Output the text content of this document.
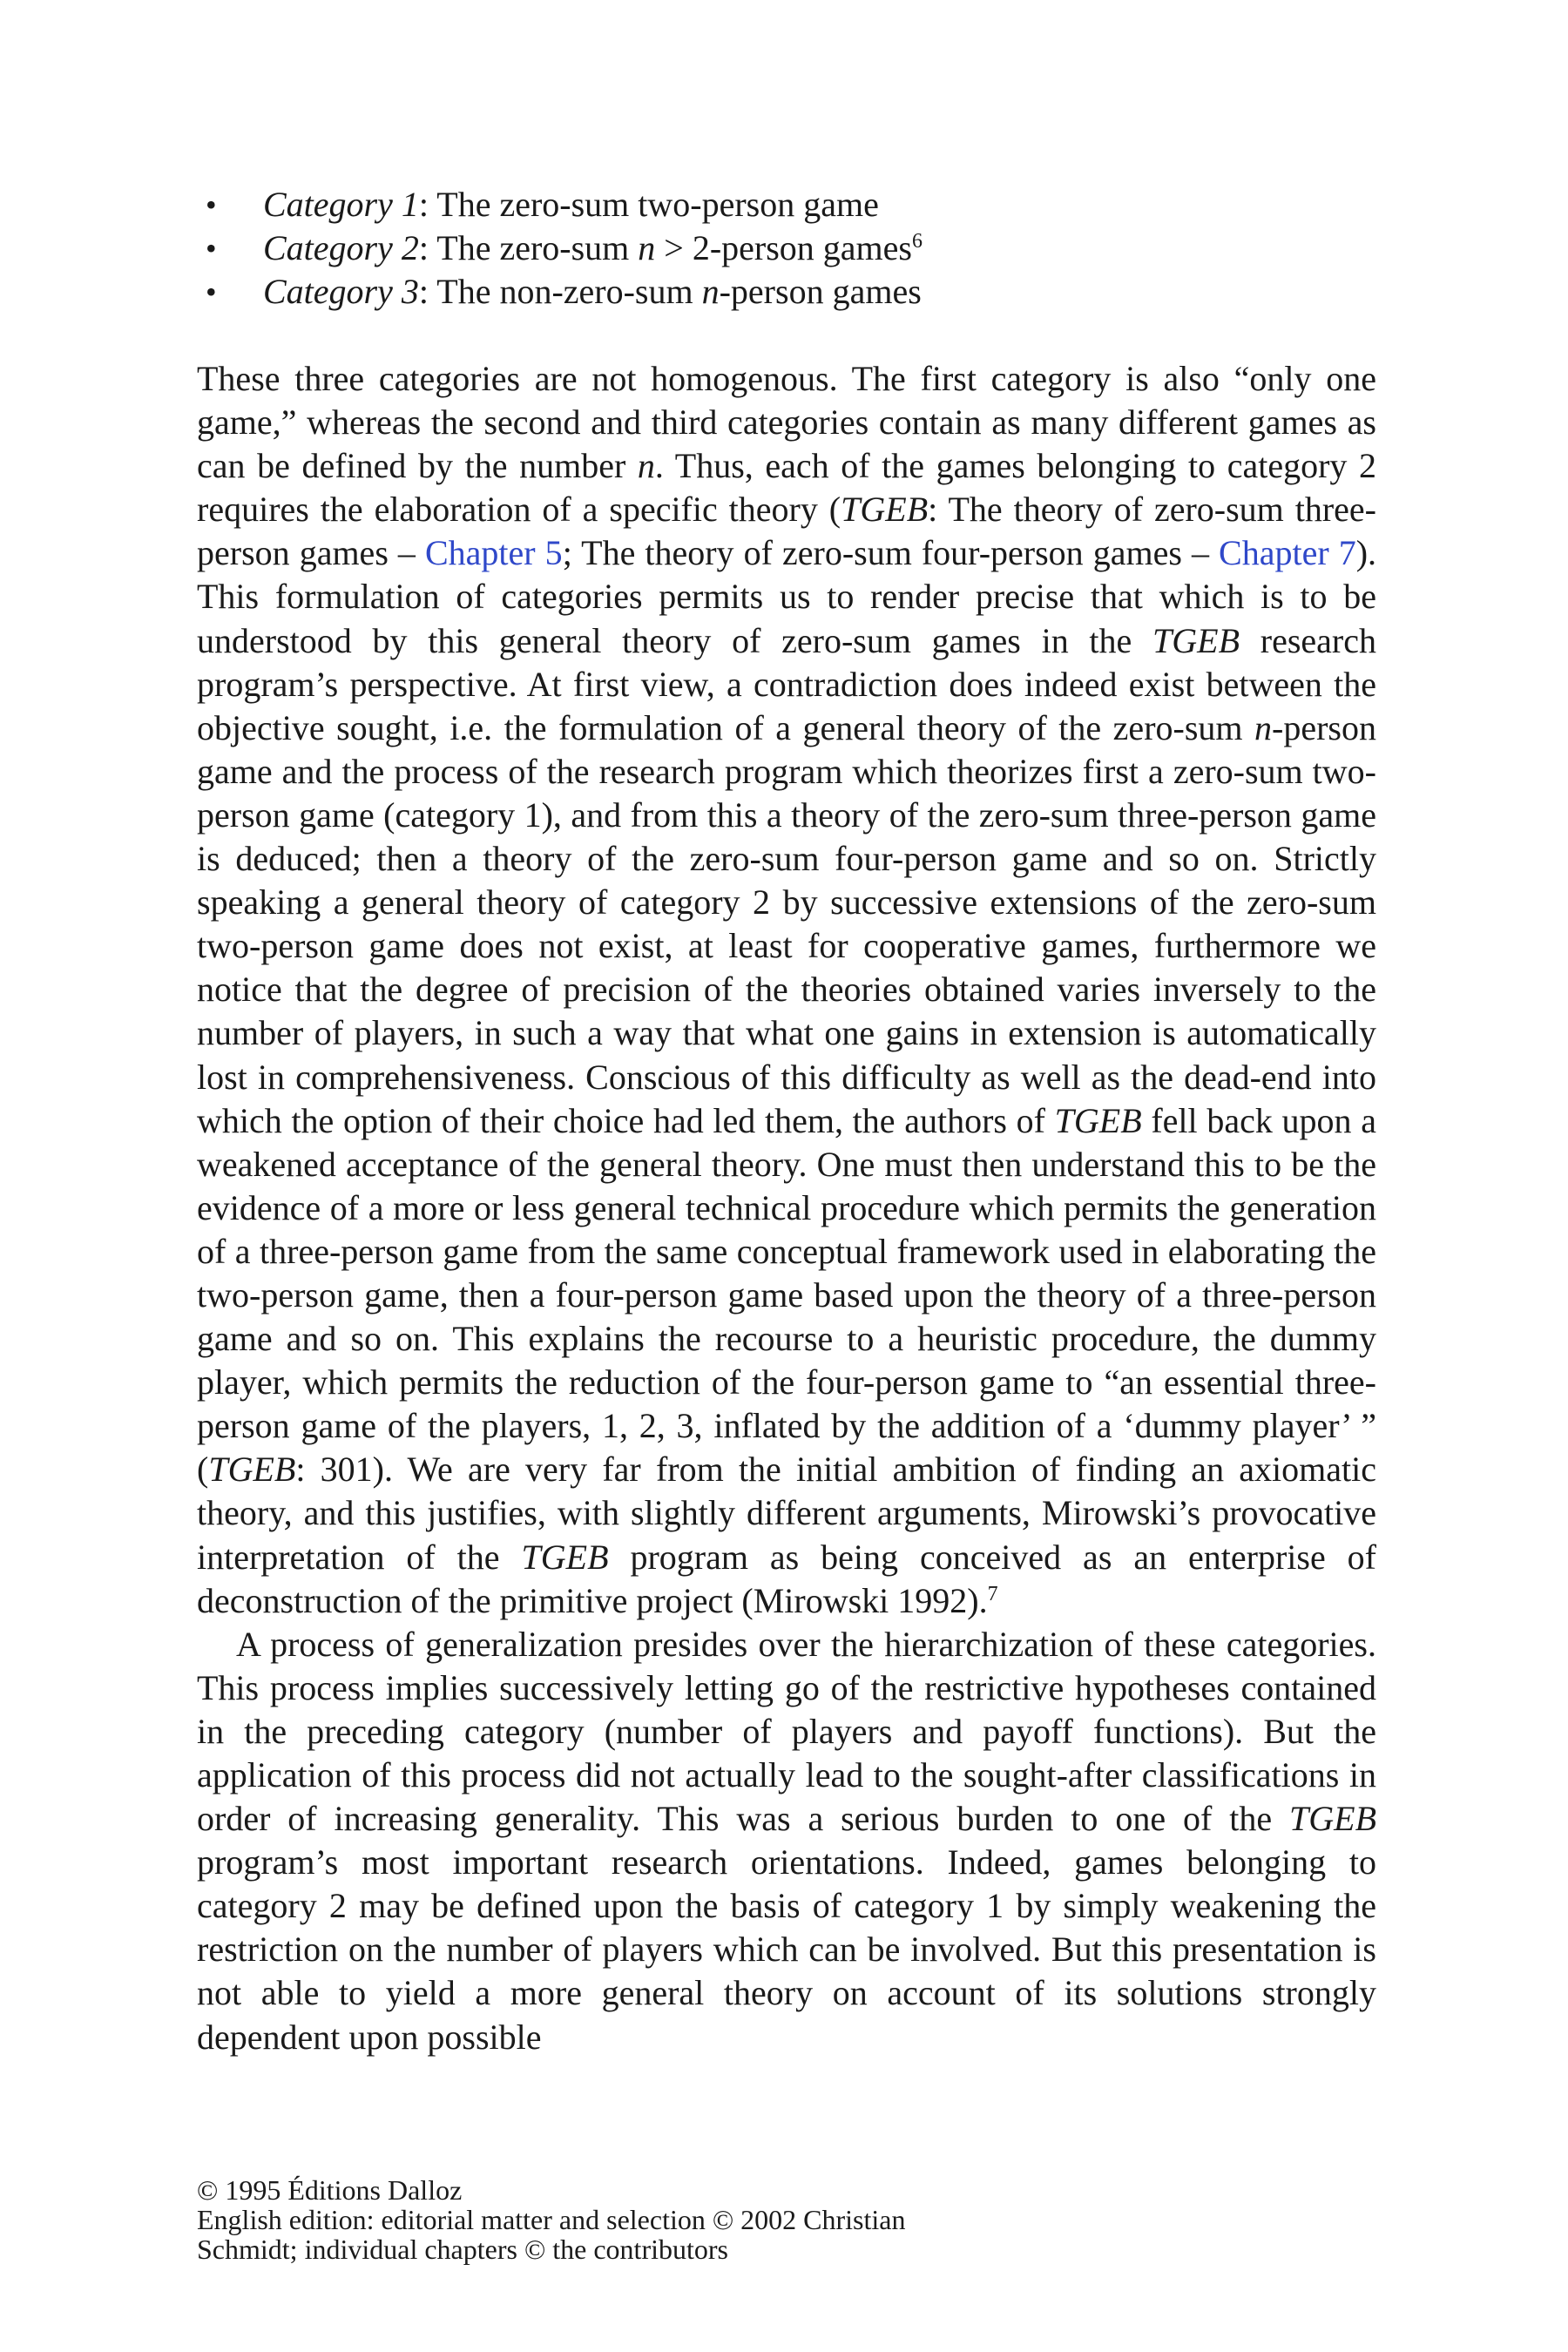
• Category 1: The zero-sum two-person game
• Category 2: The zero-sum n > 2-person games$^6$
• Category 3: The non-zero-sum n-person games

These three categories are not homogenous. The first category is also “only one game,” whereas the second and third categories contain as many different games as can be defined by the number n. Thus, each of the games belonging to category 2 requires the elaboration of a specific theory (TGEB: The theory of zero-sum three-person games – Chapter 5; The theory of zero-sum four-person games – Chapter 7). This formulation of categories permits us to render precise that which is to be understood by this general theory of zero-sum games in the TGEB research program’s perspective. At first view, a contradiction does indeed exist between the objective sought, i.e. the formulation of a general theory of the zero-sum n-person game and the process of the research program which theorizes first a zero-sum two-person game (category 1), and from this a theory of the zero-sum three-person game is deduced; then a theory of the zero-sum four-person game and so on. Strictly speaking a general theory of category 2 by successive extensions of the zero-sum two-person game does not exist, at least for cooperative games, furthermore we notice that the degree of precision of the theories obtained varies inversely to the number of players, in such a way that what one gains in extension is automatically lost in comprehensiveness. Conscious of this difficulty as well as the dead-end into which the option of their choice had led them, the authors of TGEB fell back upon a weakened acceptance of the general theory. One must then understand this to be the evidence of a more or less general technical procedure which permits the generation of a three-person game from the same conceptual framework used in elaborating the two-person game, then a four-person game based upon the theory of a three-person game and so on. This explains the recourse to a heuristic procedure, the dummy player, which permits the reduction of the four-person game to “an essential three-person game of the players, 1, 2, 3, inflated by the addition of a ‘dummy player’ ” (TGEB: 301). We are very far from the initial ambition of finding an axiomatic theory, and this justifies, with slightly different arguments, Mirowski’s provocative interpretation of the TGEB program as being conceived as an enterprise of deconstruction of the primitive project (Mirowski 1992).$^7$

A process of generalization presides over the hierarchization of these categories. This process implies successively letting go of the restrictive hypotheses contained in the preceding category (number of players and payoff functions). But the application of this process did not actually lead to the sought-after classifications in order of increasing generality. This was a serious burden to one of the TGEB program’s most important research orientations. Indeed, games belonging to category 2 may be defined upon the basis of category 1 by simply weakening the restriction on the number of players which can be involved. But this presentation is not able to yield a more general theory on account of its solutions strongly dependent upon possible

© 1995 Éditions Dalloz
English edition: editorial matter and selection © 2002 Christian
Schmidt; individual chapters © the contributors
